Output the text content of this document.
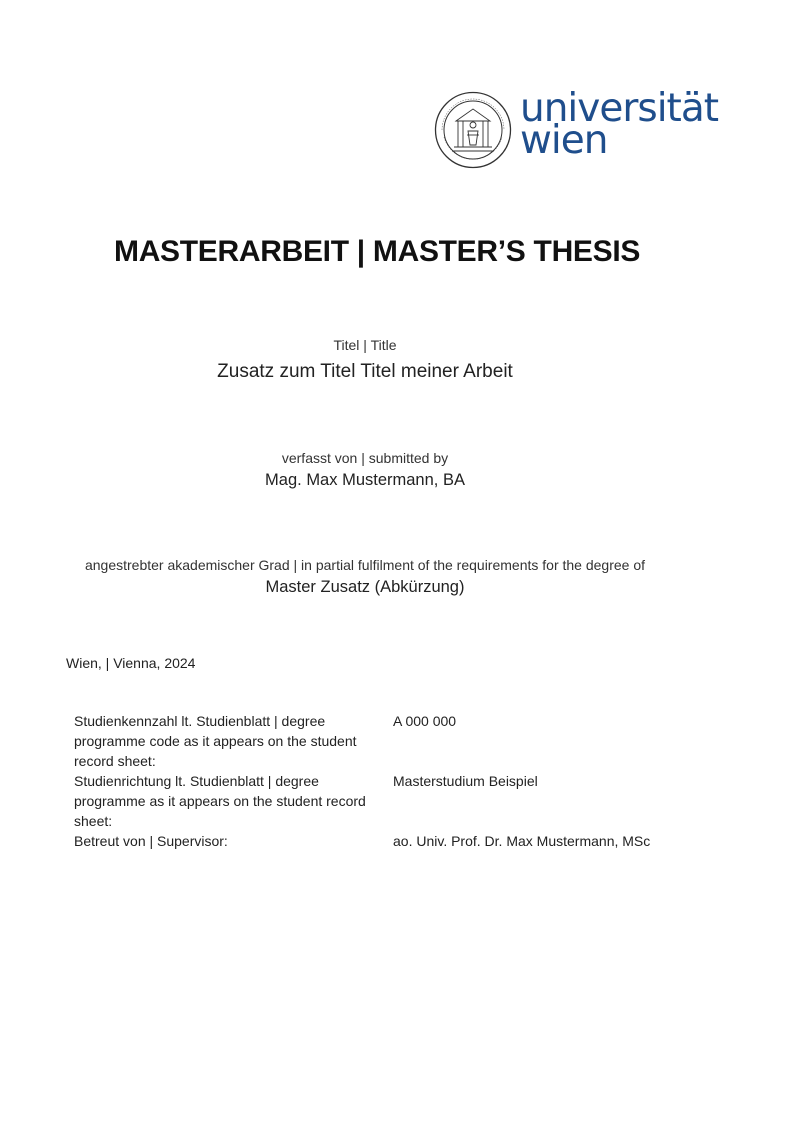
universität
wien
MASTERARBEIT | MASTER’S THESIS
Titel | Title
Zusatz zum Titel Titel meiner Arbeit
verfasst von | submitted by
Mag. Max Mustermann, BA
angestrebter akademischer Grad | in partial fulfilment of the requirements for the degree of
Master Zusatz (Abkürzung)
Wien, | Vienna, 2024
Studienkennzahl lt. Studienblatt | degree programme code as it appears on the student record sheet:	A 000 000
Studienrichtung lt. Studienblatt | degree programme as it appears on the student record sheet:	Masterstudium Beispiel
Betreut von | Supervisor:	ao. Univ. Prof. Dr. Max Mustermann, MSc
